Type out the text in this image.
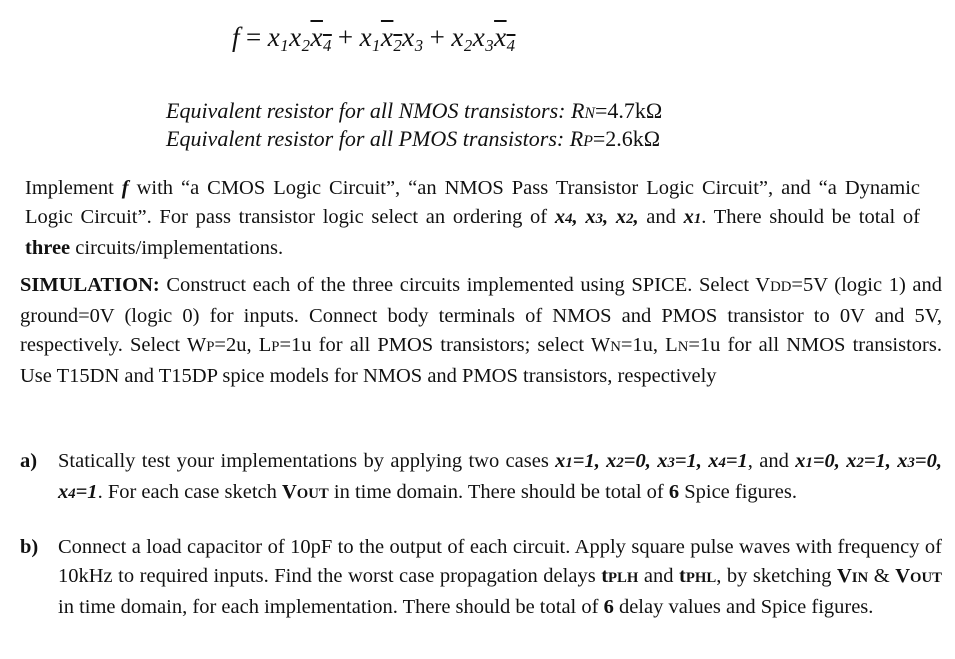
$f = x_1x_2x_4 + x_1x_2x_3 + x_2x_3x_4$
Equivalent resistor for all NMOS transistors: RN=4.7kΩ
Equivalent resistor for all PMOS transistors: RP=2.6kΩ
Implement f with “a CMOS Logic Circuit”, “an NMOS Pass Transistor Logic Circuit”, and “a Dynamic Logic Circuit”. For pass transistor logic select an ordering of x4, x3, x2, and x1. There should be total of three circuits/implementations.
SIMULATION: Construct each of the three circuits implemented using SPICE. Select VDD=5V (logic 1) and ground=0V (logic 0) for inputs. Connect body terminals of NMOS and PMOS transistor to 0V and 5V, respectively. Select WP=2u, LP=1u for all PMOS transistors; select WN=1u, LN=1u for all NMOS transistors. Use T15DN and T15DP spice models for NMOS and PMOS transistors, respectively
a) Statically test your implementations by applying two cases x1=1, x2=0, x3=1, x4=1, and x1=0, x2=1, x3=0, x4=1. For each case sketch VOUT in time domain. There should be total of 6 Spice figures.
b) Connect a load capacitor of 10pF to the output of each circuit. Apply square pulse waves with frequency of 10kHz to required inputs. Find the worst case propagation delays tPLH and tPHL, by sketching VIN & VOUT in time domain, for each implementation. There should be total of 6 delay values and Spice figures.
